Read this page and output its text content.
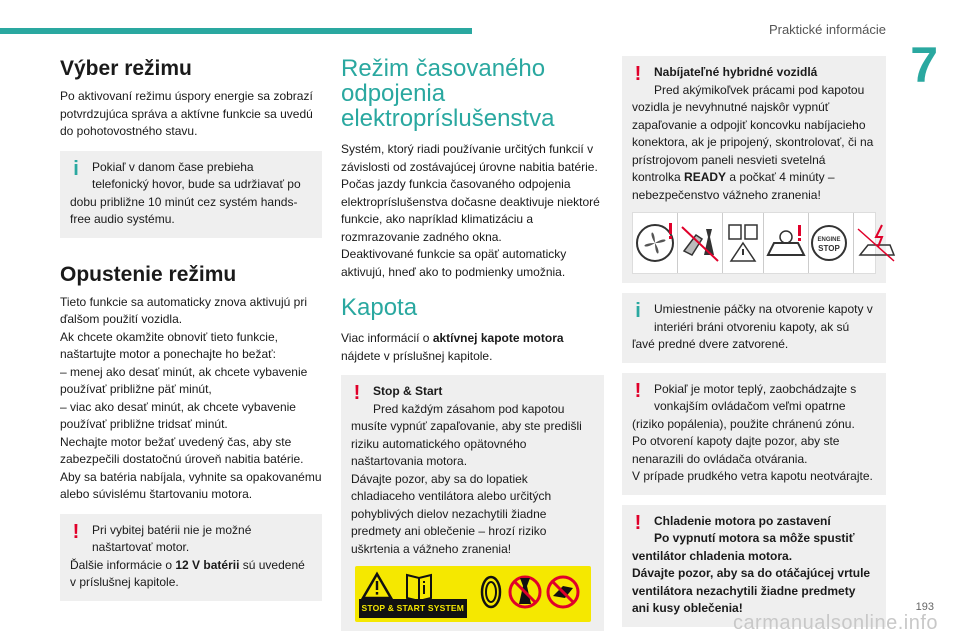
Praktické informácie
7
Výber režimu

Po aktivovaní režimu úspory energie sa zobrazí potvrdzujúca správa a aktívne funkcie sa uvedú do pohotovostného stavu.

i	Pokiaľ v danom čase prebieha

telefonický hovor, bude sa udržiavať po

dobu približne 10 minút cez systém hands-free audio systému.

Opustenie režimu

Tieto funkcie sa automaticky znova aktivujú pri ďalšom použití vozidla.

Ak chcete okamžite obnoviť tieto funkcie, naštartujte motor a ponechajte ho bežať:

– menej ako desať minút, ak chcete vybavenie používať približne päť minút,

– viac ako desať minút, ak chcete vybavenie používať približne tridsať minút.

Nechajte motor bežať uvedený čas, aby ste zabezpečili dostatočnú úroveň nabitia batérie.

Aby sa batéria nabíjala, vyhnite sa opakovanému alebo súvislému štartovaniu motora.

!	Pri vybitej batérii nie je možné

naštartovať motor.

Ďalšie informácie o 12 V batérii sú uvedené v príslušnej kapitole.

Režim časovaného odpojenia elektropríslušenstva

Systém, ktorý riadi používanie určitých funkcií v závislosti od zostávajúcej úrovne nabitia batérie.

Počas jazdy funkcia časovaného odpojenia elektropríslušenstva dočasne deaktivuje niektoré funkcie, ako napríklad klimatizáciu a rozmrazovanie zadného okna.

Deaktivované funkcie sa opäť automaticky aktivujú, hneď ako to podmienky umožnia.

Kapota

Viac informácií o aktívnej kapote motora nájdete v príslušnej kapitole.

!	Stop & Start

Pred každým zásahom pod kapotou

musíte vypnúť zapaľovanie, aby ste predišli riziku automatického opätovného naštartovania motora.

Dávajte pozor, aby sa do lopatiek chladiaceho ventilátora alebo určitých pohyblivých dielov nezachytili žiadne predmety ani oblečenie – hrozí riziko uškrtenia a vážneho zranenia!

STOP & START SYSTEM
!	Nabíjateľné hybridné vozidlá

Pred akýmikoľvek prácami pod kapotou

vozidla je nevyhnutné najskôr vypnúť zapaľovanie a odpojiť koncovku nabíjacieho konektora, ak je pripojený, skontrolovať, či na prístrojovom paneli nesvieti svetelná kontrolka READY a počkať 4 minúty – nebezpečenstvo vážneho zranenia!

ENGINE
STOP
i	Umiestnenie páčky na otvorenie kapoty v

interiéri bráni otvoreniu kapoty, ak sú

ľavé predné dvere zatvorené.

!	Pokiaľ je motor teplý, zaobchádzajte s

vonkajším ovládačom veľmi opatrne

(riziko popálenia), použite chránenú zónu.

Po otvorení kapoty dajte pozor, aby ste nenarazili do ovládača otvárania.

V prípade prudkého vetra kapotu neotvárajte.

!	Chladenie motora po zastavení

Po vypnutí motora sa môže spustiť

ventilátor chladenia motora.

Dávajte pozor, aby sa do otáčajúcej vrtule ventilátora nezachytili žiadne predmety ani kusy oblečenia!	193
carmanualsonline.info
